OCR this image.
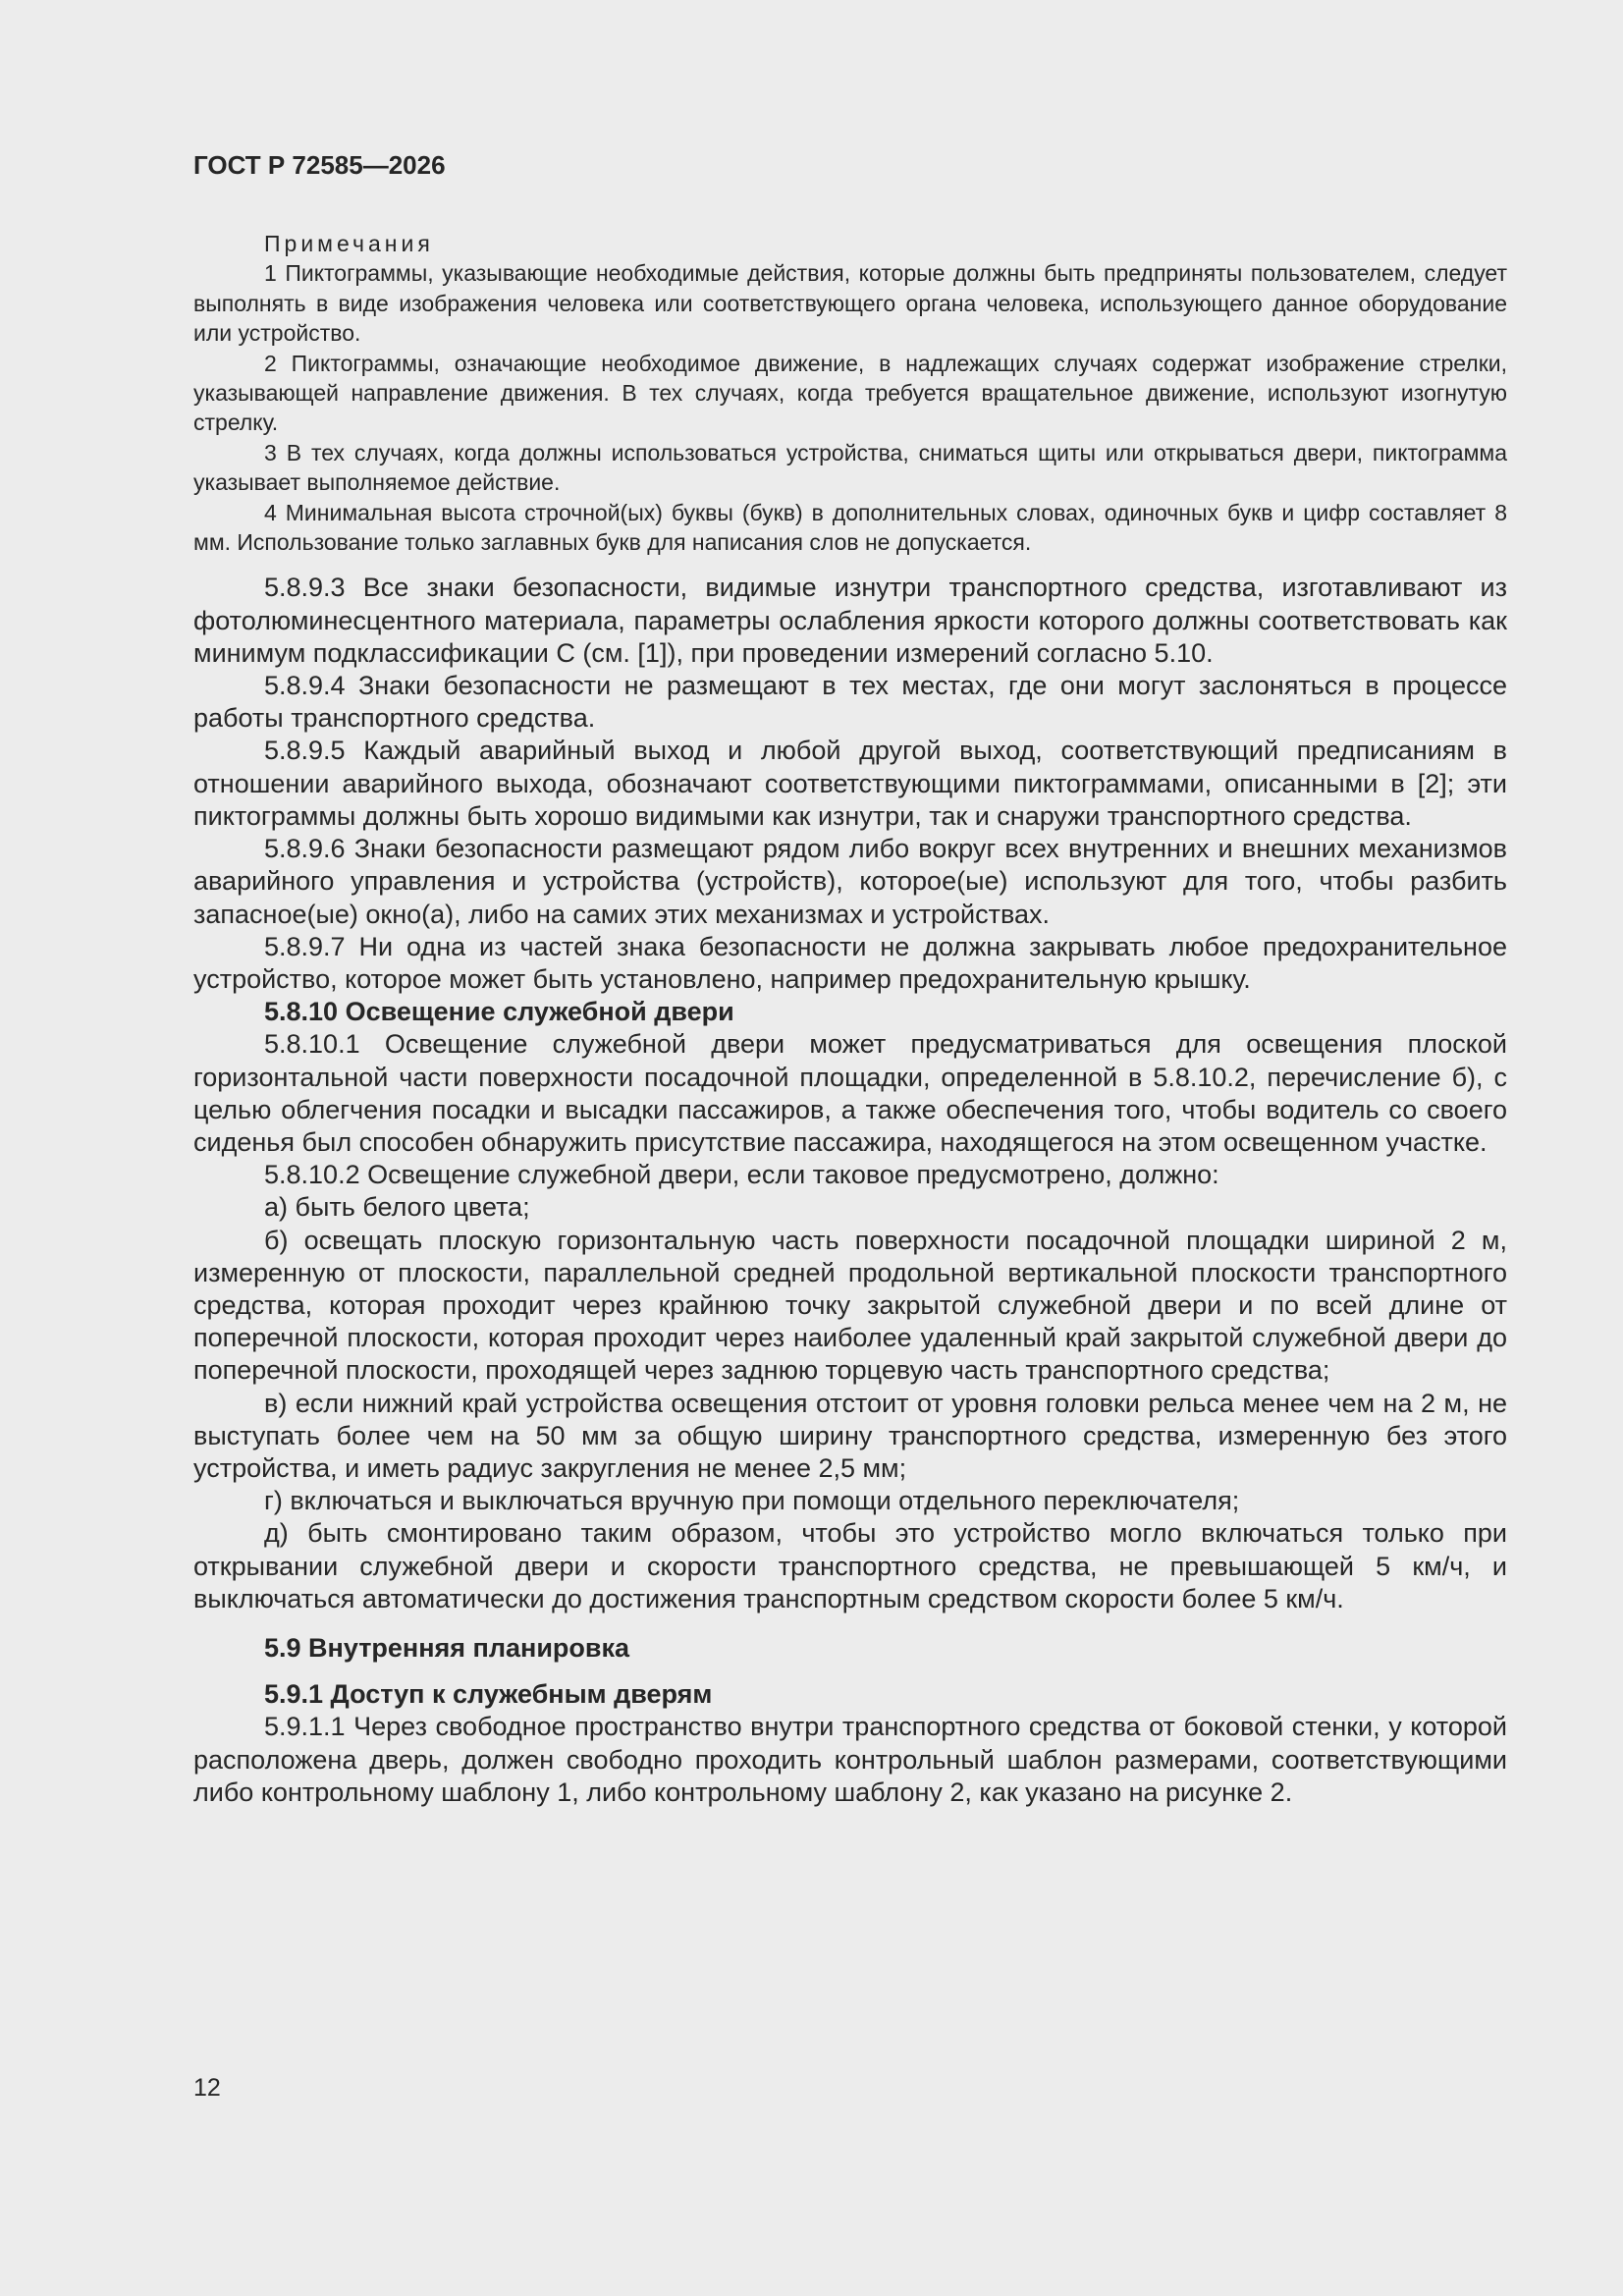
ГОСТ Р 72585—2026

Примечания

1 Пиктограммы, указывающие необходимые действия, которые должны быть предприняты пользователем, следует выполнять в виде изображения человека или соответствующего органа человека, использующего данное оборудование или устройство.

2 Пиктограммы, означающие необходимое движение, в надлежащих случаях содержат изображение стрелки, указывающей направление движения. В тех случаях, когда требуется вращательное движение, используют изогнутую стрелку.

3 В тех случаях, когда должны использоваться устройства, сниматься щиты или открываться двери, пиктограмма указывает выполняемое действие.

4 Минимальная высота строчной(ых) буквы (букв) в дополнительных словах, одиночных букв и цифр составляет 8 мм. Использование только заглавных букв для написания слов не допускается.

5.8.9.3 Все знаки безопасности, видимые изнутри транспортного средства, изготавливают из фотолюминесцентного материала, параметры ослабления яркости которого должны соответствовать как минимум подклассификации С (см. [1]), при проведении измерений согласно 5.10.

5.8.9.4 Знаки безопасности не размещают в тех местах, где они могут заслоняться в процессе работы транспортного средства.

5.8.9.5 Каждый аварийный выход и любой другой выход, соответствующий предписаниям в отношении аварийного выхода, обозначают соответствующими пиктограммами, описанными в [2]; эти пиктограммы должны быть хорошо видимыми как изнутри, так и снаружи транспортного средства.

5.8.9.6 Знаки безопасности размещают рядом либо вокруг всех внутренних и внешних механизмов аварийного управления и устройства (устройств), которое(ые) используют для того, чтобы разбить запасное(ые) окно(а), либо на самих этих механизмах и устройствах.

5.8.9.7 Ни одна из частей знака безопасности не должна закрывать любое предохранительное устройство, которое может быть установлено, например предохранительную крышку.

5.8.10 Освещение служебной двери

5.8.10.1 Освещение служебной двери может предусматриваться для освещения плоской горизонтальной части поверхности посадочной площадки, определенной в 5.8.10.2, перечисление б), с целью облегчения посадки и высадки пассажиров, а также обеспечения того, чтобы водитель со своего сиденья был способен обнаружить присутствие пассажира, находящегося на этом освещенном участке.

5.8.10.2 Освещение служебной двери, если таковое предусмотрено, должно:

а) быть белого цвета;

б) освещать плоскую горизонтальную часть поверхности посадочной площадки шириной 2 м, измеренную от плоскости, параллельной средней продольной вертикальной плоскости транспортного средства, которая проходит через крайнюю точку закрытой служебной двери и по всей длине от поперечной плоскости, которая проходит через наиболее удаленный край закрытой служебной двери до поперечной плоскости, проходящей через заднюю торцевую часть транспортного средства;

в) если нижний край устройства освещения отстоит от уровня головки рельса менее чем на 2 м, не выступать более чем на 50 мм за общую ширину транспортного средства, измеренную без этого устройства, и иметь радиус закругления не менее 2,5 мм;

г) включаться и выключаться вручную при помощи отдельного переключателя;

д) быть смонтировано таким образом, чтобы это устройство могло включаться только при открывании служебной двери и скорости транспортного средства, не превышающей 5 км/ч, и выключаться автоматически до достижения транспортным средством скорости более 5 км/ч.

5.9 Внутренняя планировка

5.9.1 Доступ к служебным дверям

5.9.1.1 Через свободное пространство внутри транспортного средства от боковой стенки, у которой расположена дверь, должен свободно проходить контрольный шаблон размерами, соответствующими либо контрольному шаблону 1, либо контрольному шаблону 2, как указано на рисунке 2.

12
